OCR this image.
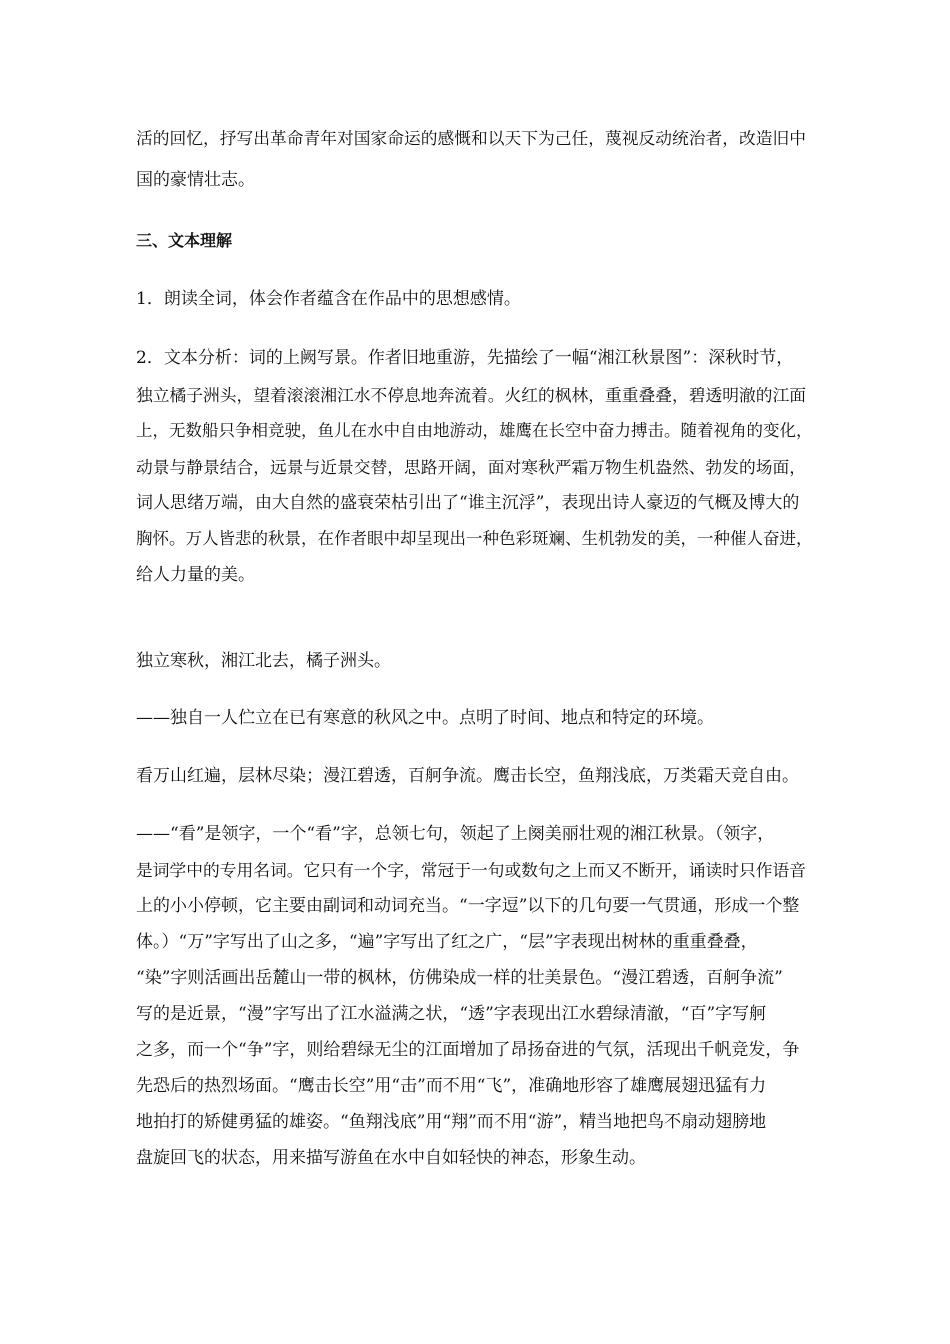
活的回忆，抒写出革命青年对国家命运的感慨和以天下为己任，蔑视反动统治者，改造旧中

国的豪情壮志。

三、文本理解

1．朗读全词，体会作者蕴含在作品中的思想感情。

2．文本分析：词的上阙写景。作者旧地重游，先描绘了一幅“湘江秋景图”：深秋时节，

独立橘子洲头，望着滚滚湘江水不停息地奔流着。火红的枫林，重重叠叠，碧透明澈的江面

上，无数船只争相竞驶，鱼儿在水中自由地游动，雄鹰在长空中奋力搏击。随着视角的变化，

动景与静景结合，远景与近景交替，思路开阔，面对寒秋严霜万物生机盎然、勃发的场面，

词人思绪万端，由大自然的盛衰荣枯引出了“谁主沉浮”，表现出诗人豪迈的气概及博大的

胸怀。万人皆悲的秋景，在作者眼中却呈现出一种色彩斑斓、生机勃发的美，一种催人奋进，

给人力量的美。

独立寒秋，湘江北去，橘子洲头。

——独自一人伫立在已有寒意的秋风之中。点明了时间、地点和特定的环境。

看万山红遍，层林尽染；漫江碧透，百舸争流。鹰击长空，鱼翔浅底，万类霜天竞自由。

——“看”是领字，一个“看”字，总领七句，领起了上阕美丽壮观的湘江秋景。（领字，

是词学中的专用名词。它只有一个字，常冠于一句或数句之上而又不断开，诵读时只作语音

上的小小停顿，它主要由副词和动词充当。“一字逗”以下的几句要一气贯通，形成一个整

体。）“万”字写出了山之多，“遍”字写出了红之广，“层”字表现出树林的重重叠叠，

“染”字则活画出岳麓山一带的枫林，仿佛染成一样的壮美景色。“漫江碧透，百舸争流”

写的是近景，“漫”字写出了江水溢满之状，“透”字表现出江水碧绿清澈，“百”字写舸

之多，而一个“争”字，则给碧绿无尘的江面增加了昂扬奋进的气氛，活现出千帆竞发，争

先恐后的热烈场面。“鹰击长空”用“击”而不用“飞”，准确地形容了雄鹰展翅迅猛有力

地拍打的矫健勇猛的雄姿。“鱼翔浅底”用“翔”而不用“游”，精当地把鸟不扇动翅膀地

盘旋回飞的状态，用来描写游鱼在水中自如轻快的神态，形象生动。
